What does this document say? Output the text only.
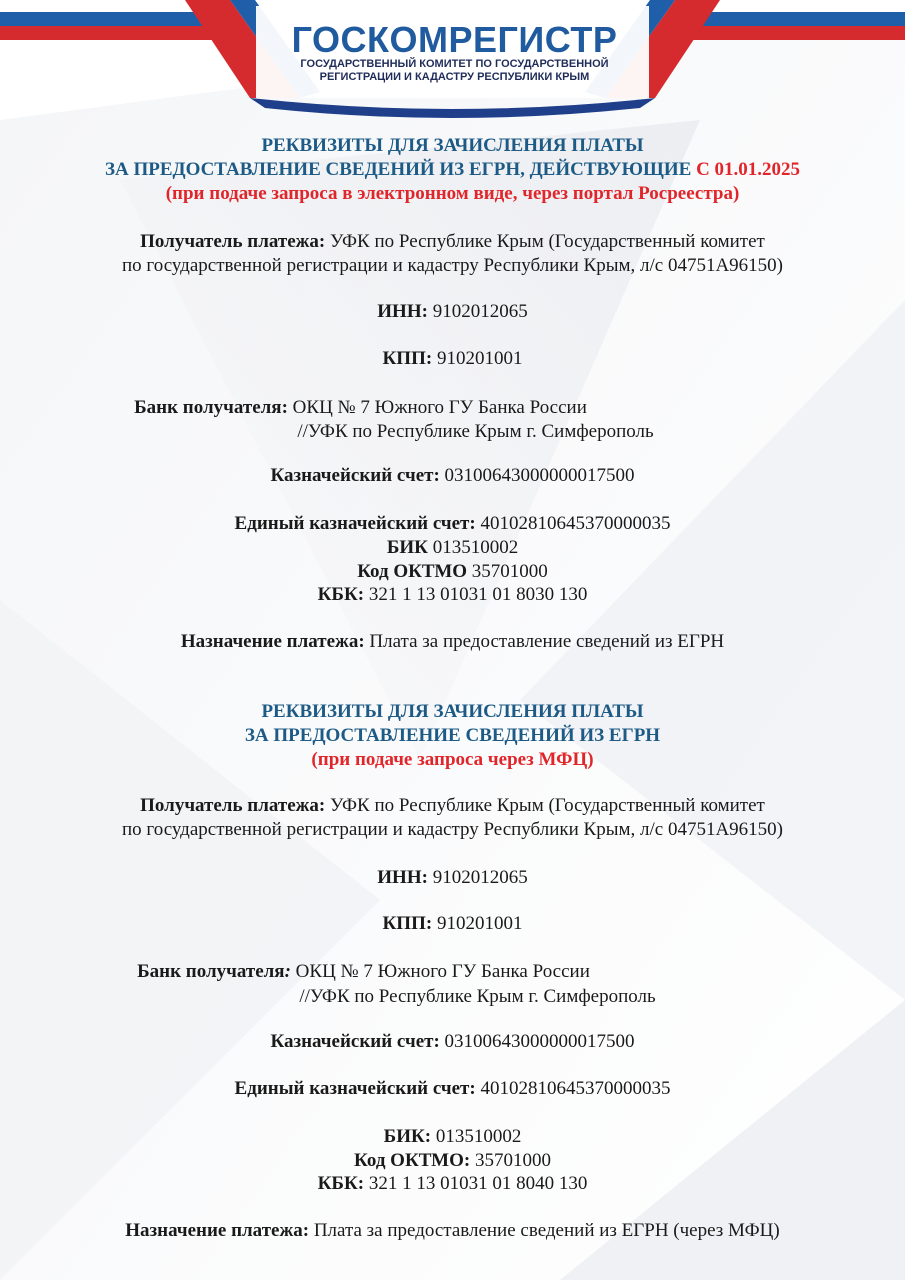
ГОСКОМРЕГИСТР
ГОСУДАРСТВЕННЫЙ КОМИТЕТ ПО ГОСУДАРСТВЕННОЙ
РЕГИСТРАЦИИ И КАДАСТРУ РЕСПУБЛИКИ КРЫМ
РЕКВИЗИТЫ ДЛЯ ЗАЧИСЛЕНИЯ ПЛАТЫ
ЗА ПРЕДОСТАВЛЕНИЕ СВЕДЕНИЙ ИЗ ЕГРН, ДЕЙСТВУЮЩИЕ С 01.01.2025
(при подаче запроса в электронном виде, через портал Росреестра)
Получатель платежа: УФК по Республике Крым (Государственный комитет
по государственной регистрации и кадастру Республики Крым, л/с 04751А96150)
ИНН: 9102012065
КПП: 910201001
Банк получателя: ОКЦ № 7 Южного ГУ Банка России
//УФК по Республике Крым г. Симферополь
Казначейский счет: 03100643000000017500
Единый казначейский счет: 40102810645370000035
БИК 013510002
Код ОКТМО 35701000
КБК: 321 1 13 01031 01 8030 130
Назначение платежа: Плата за предоставление сведений из ЕГРН
РЕКВИЗИТЫ ДЛЯ ЗАЧИСЛЕНИЯ ПЛАТЫ
ЗА ПРЕДОСТАВЛЕНИЕ СВЕДЕНИЙ ИЗ ЕГРН
(при подаче запроса через МФЦ)
Получатель платежа: УФК по Республике Крым (Государственный комитет
по государственной регистрации и кадастру Республики Крым, л/с 04751А96150)
ИНН: 9102012065
КПП: 910201001
Банк получателя: ОКЦ № 7 Южного ГУ Банка России
//УФК по Республике Крым г. Симферополь
Казначейский счет: 03100643000000017500
Единый казначейский счет: 40102810645370000035
БИК: 013510002
Код ОКТМО: 35701000
КБК: 321 1 13 01031 01 8040 130
Назначение платежа: Плата за предоставление сведений из ЕГРН (через МФЦ)
